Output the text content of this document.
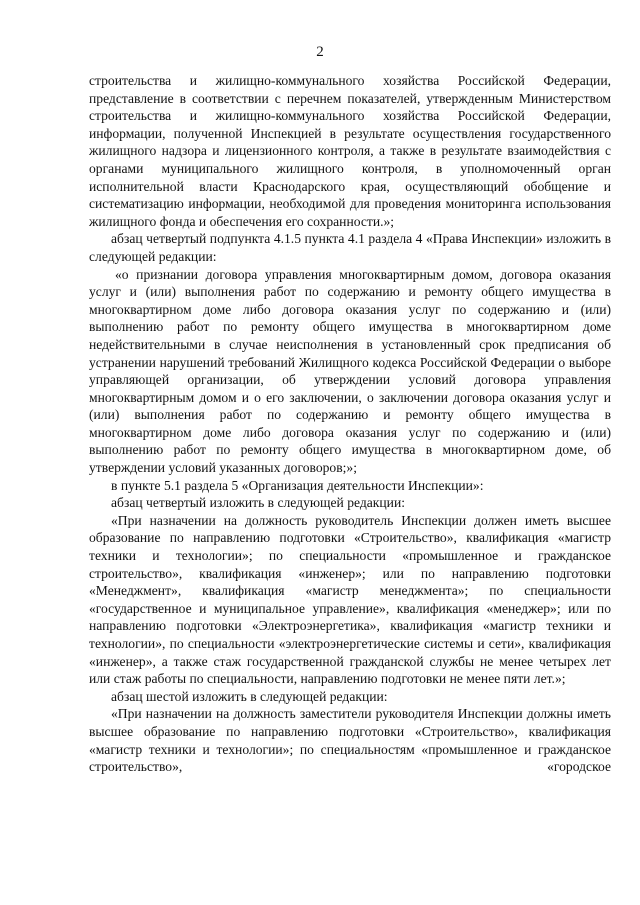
2

строительства и жилищно-коммунального хозяйства Российской Федерации, представление в соответствии с перечнем показателей, утвержденным Министерством строительства и жилищно-коммунального хозяйства Российской Федерации, информации, полученной Инспекцией в результате осуществления государственного жилищного надзора и лицензионного контроля, а также в результате взаимодействия с органами муниципального жилищного контроля, в уполномоченный орган исполнительной власти Краснодарского края, осуществляющий обобщение и систематизацию информации, необходимой для проведения мониторинга использования жилищного фонда и обеспечения его сохранности.»;

абзац четвертый подпункта 4.1.5 пункта 4.1 раздела 4 «Права Инспекции» изложить в следующей редакции:

«о признании договора управления многоквартирным домом, договора оказания услуг и (или) выполнения работ по содержанию и ремонту общего имущества в многоквартирном доме либо договора оказания услуг по содержанию и (или) выполнению работ по ремонту общего имущества в многоквартирном доме недействительными в случае неисполнения в установленный срок предписания об устранении нарушений требований Жилищного кодекса Российской Федерации о выборе управляющей организации, об утверждении условий договора управления многоквартирным домом и о его заключении, о заключении договора оказания услуг и (или) выполнения работ по содержанию и ремонту общего имущества в многоквартирном доме либо договора оказания услуг по содержанию и (или) выполнению работ по ремонту общего имущества в многоквартирном доме, об утверждении условий указанных договоров;»;

в пункте 5.1 раздела 5 «Организация деятельности Инспекции»:

абзац четвертый изложить в следующей редакции:

«При назначении на должность руководитель Инспекции должен иметь высшее образование по направлению подготовки «Строительство», квалификация «магистр техники и технологии»; по специальности «промышленное и гражданское строительство», квалификация «инженер»; или по направлению подготовки «Менеджмент», квалификация «магистр менеджмента»; по специальности «государственное и муниципальное управление», квалификация «менеджер»; или по направлению подготовки «Электроэнергетика», квалификация «магистр техники и технологии», по специальности «электроэнергетические системы и сети», квалификация «инженер», а также стаж государственной гражданской службы не менее четырех лет или стаж работы по специальности, направлению подготовки не менее пяти лет.»;

абзац шестой изложить в следующей редакции:

«При назначении на должность заместители руководителя Инспекции должны иметь высшее образование по направлению подготовки «Строительство», квалификация «магистр техники и технологии»; по специальностям «промышленное и гражданское строительство», «городское
